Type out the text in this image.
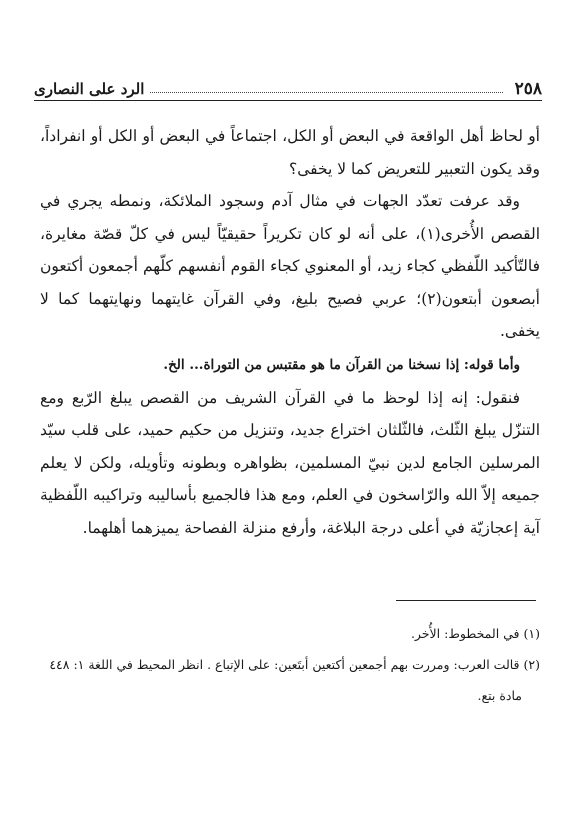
٢٥٨
الرد على النصارى

أو لحاظ أهل الواقعة في البعض أو الكل، اجتماعاً في البعض أو الكل أو انفراداً، وقد يكون التعبير للتعريض كما لا يخفى؟

وقد عرفت تعدّد الجهات في مثال آدم وسجود الملائكة، ونمطه يجري في القصص الأُخرى(١)، على أنه لو كان تكريراً حقيقيّاً ليس في كلّ قصّة مغايرة، فالتّأكيد اللّفظي كجاء زيد، أو المعنوي كجاء القوم أنفسهم كلّهم أجمعون أكتعون أبصعون أبتعون(٢)؛ عربي فصيح بليغ، وفي القرآن غايتهما ونهايتهما كما لا يخفى.

وأما قوله: إذا نسخنا من القرآن ما هو مقتبس من التوراة... الخ.

فنقول: إنه إذا لوحظ ما في القرآن الشريف من القصص يبلغ الرّبع ومع التنزّل يبلغ الثّلث، فالثّلثان اختراع جديد، وتنزيل من حكيم حميد، على قلب سيّد المرسلين الجامع لدين نبيّ المسلمين، بظواهره وبطونه وتأويله، ولكن لا يعلم جميعه إلاّ الله والرّاسخون في العلم، ومع هذا فالجميع بأساليبه وتراكيبه اللّفظية آية إعجازيّة في أعلى درجة البلاغة، وأرفع منزلة الفصاحة يميزهما أهلهما.

(١) في المخطوط: الأُخر.

(٢) قالت العرب: ومررت بهم أجمعين أكتعين أبتَعين: على الإتباع . انظر المحيط في اللغة ١: ٤٤٨

مادة بتع.
